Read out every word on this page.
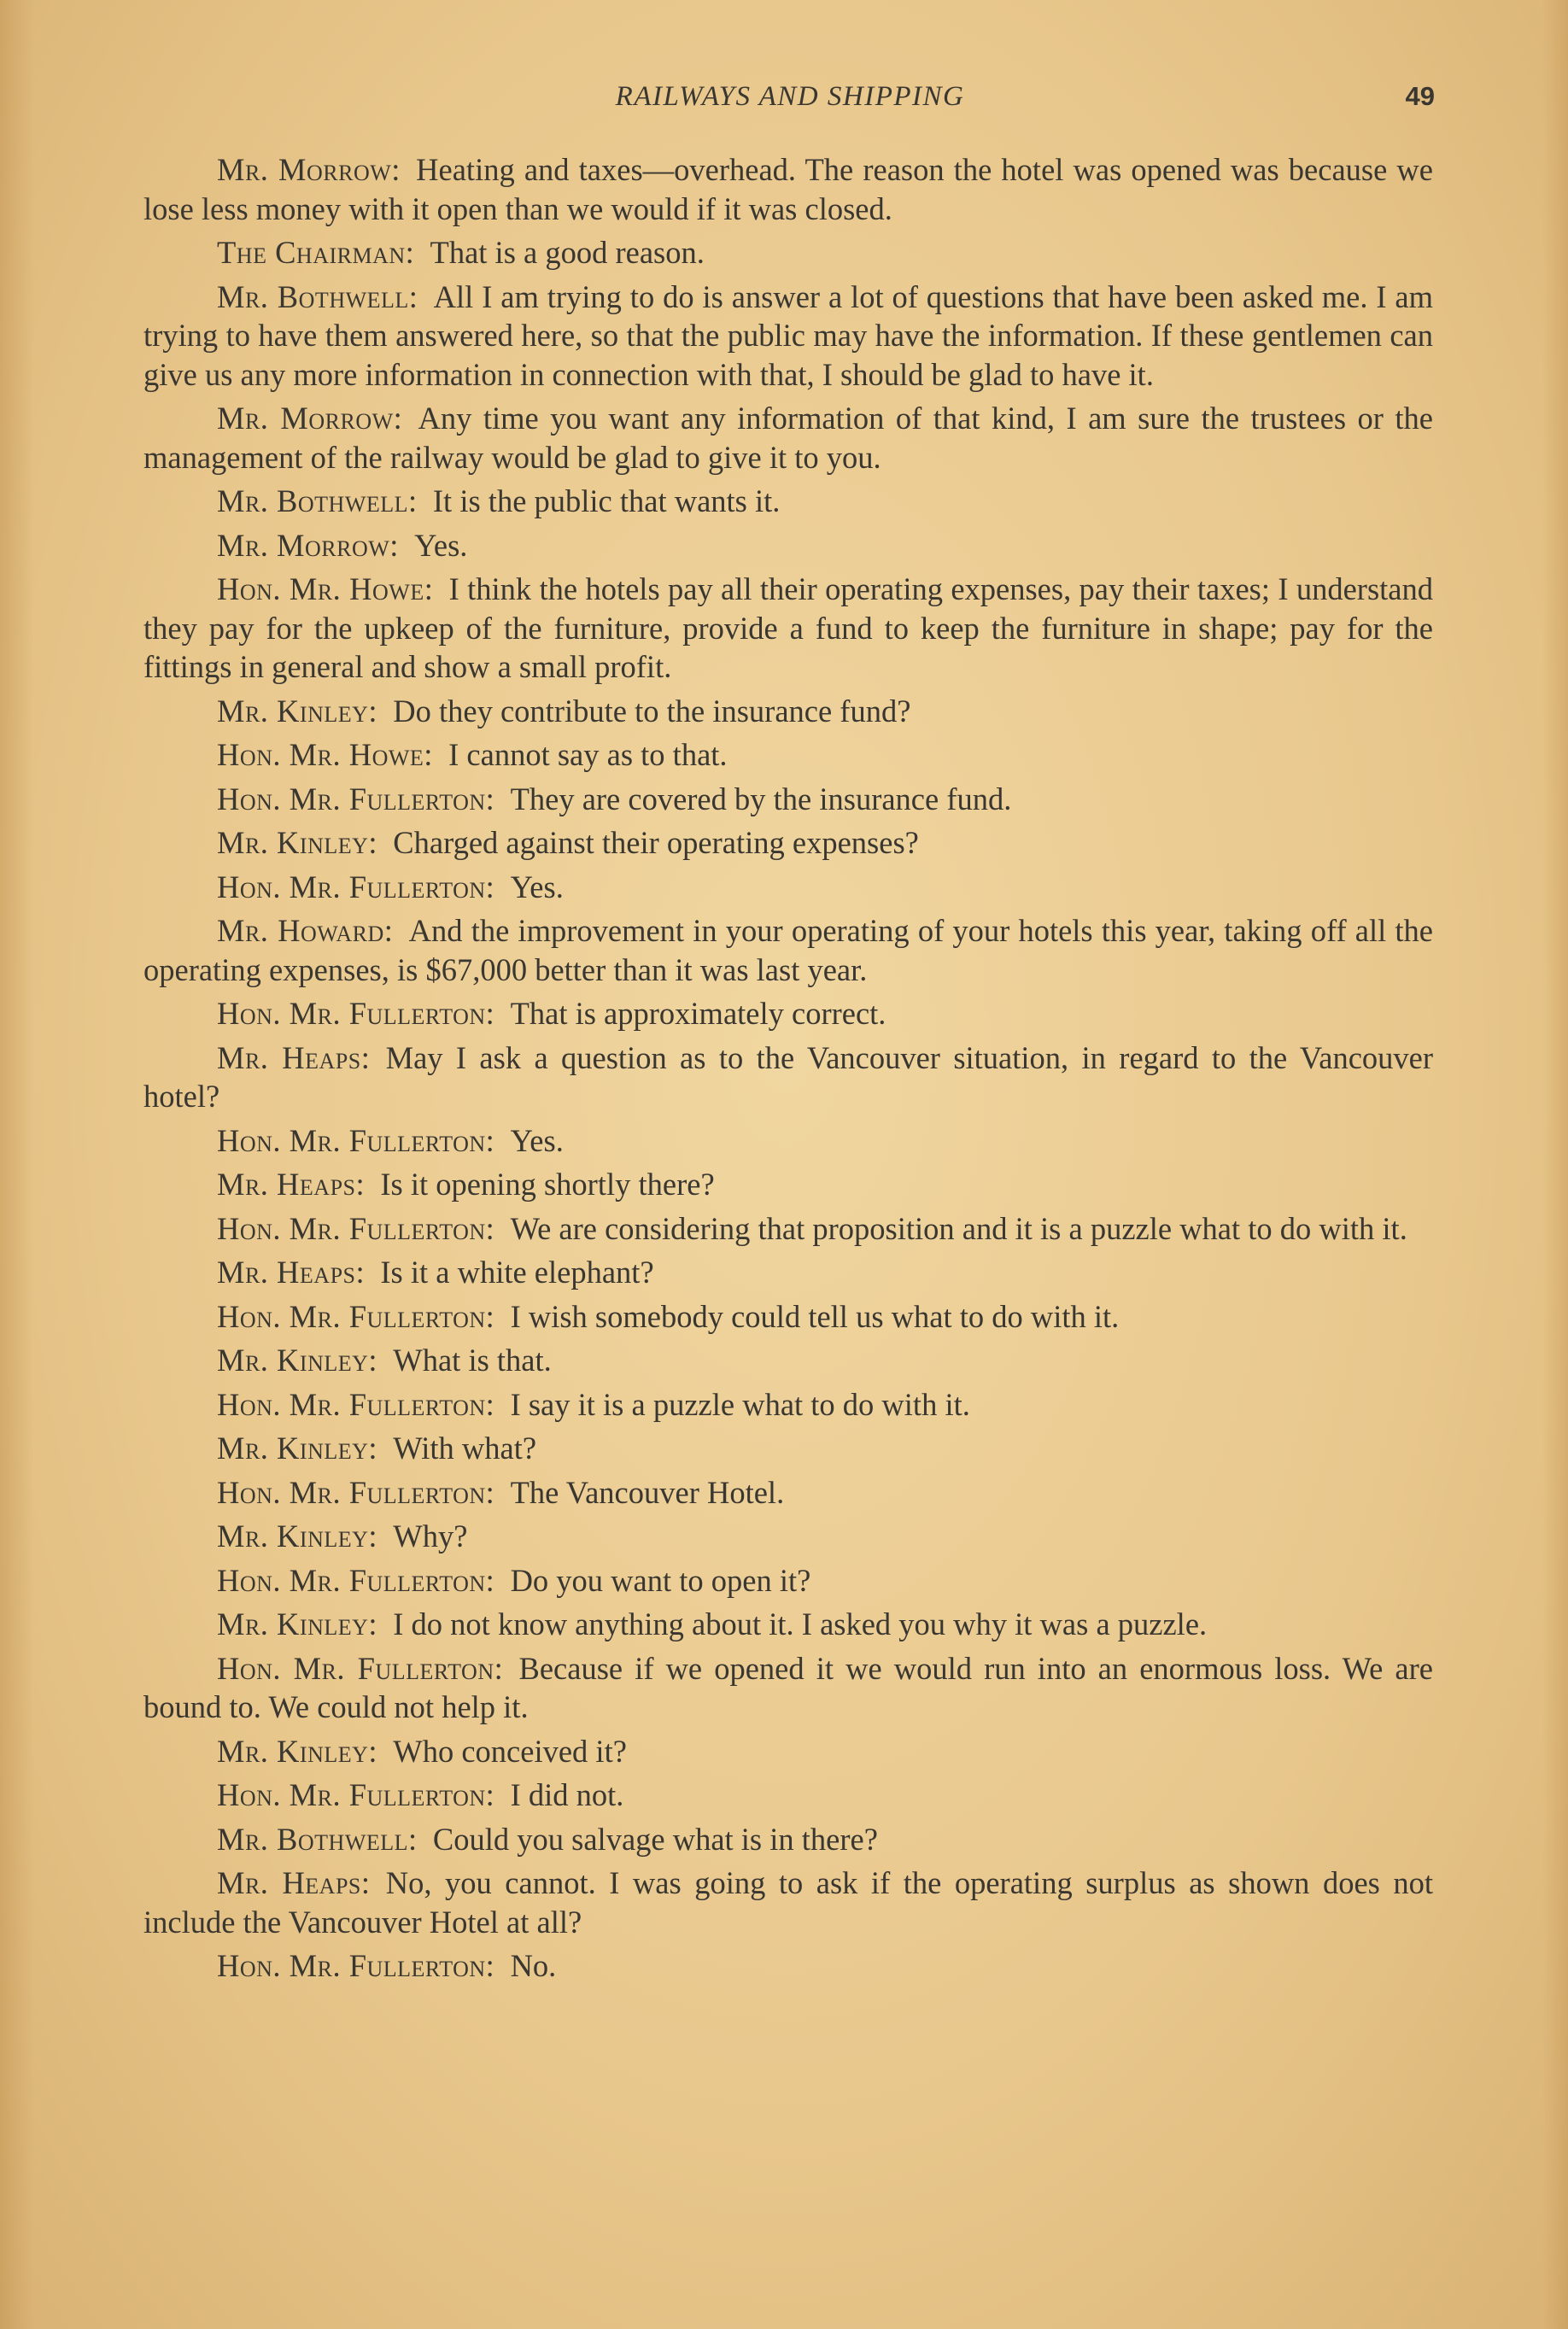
RAILWAYS AND SHIPPING	49

Mr. Morrow:  Heating and taxes—overhead. The reason the hotel was opened was because we lose less money with it open than we would if it was closed.

The Chairman:  That is a good reason.

Mr. Bothwell:  All I am trying to do is answer a lot of questions that have been asked me. I am trying to have them answered here, so that the public may have the information. If these gentlemen can give us any more information in connection with that, I should be glad to have it.

Mr. Morrow:  Any time you want any information of that kind, I am sure the trustees or the management of the railway would be glad to give it to you.

Mr. Bothwell:  It is the public that wants it.

Mr. Morrow:  Yes.

Hon. Mr. Howe:  I think the hotels pay all their operating expenses, pay their taxes; I understand they pay for the upkeep of the furniture, provide a fund to keep the furniture in shape; pay for the fittings in general and show a small profit.

Mr. Kinley:  Do they contribute to the insurance fund?

Hon. Mr. Howe:  I cannot say as to that.

Hon. Mr. Fullerton:  They are covered by the insurance fund.

Mr. Kinley:  Charged against their operating expenses?

Hon. Mr. Fullerton:  Yes.

Mr. Howard:  And the improvement in your operating of your hotels this year, taking off all the operating expenses, is $67,000 better than it was last year.

Hon. Mr. Fullerton:  That is approximately correct.

Mr. Heaps:  May I ask a question as to the Vancouver situation, in regard to the Vancouver hotel?

Hon. Mr. Fullerton:  Yes.

Mr. Heaps:  Is it opening shortly there?

Hon. Mr. Fullerton:  We are considering that proposition and it is a puzzle what to do with it.

Mr. Heaps:  Is it a white elephant?

Hon. Mr. Fullerton:  I wish somebody could tell us what to do with it.

Mr. Kinley:  What is that.

Hon. Mr. Fullerton:  I say it is a puzzle what to do with it.

Mr. Kinley:  With what?

Hon. Mr. Fullerton:  The Vancouver Hotel.

Mr. Kinley:  Why?

Hon. Mr. Fullerton:  Do you want to open it?

Mr. Kinley:  I do not know anything about it. I asked you why it was a puzzle.

Hon. Mr. Fullerton:  Because if we opened it we would run into an enormous loss. We are bound to. We could not help it.

Mr. Kinley:  Who conceived it?

Hon. Mr. Fullerton:  I did not.

Mr. Bothwell:  Could you salvage what is in there?

Mr. Heaps:  No, you cannot. I was going to ask if the operating surplus as shown does not include the Vancouver Hotel at all?

Hon. Mr. Fullerton:  No.
